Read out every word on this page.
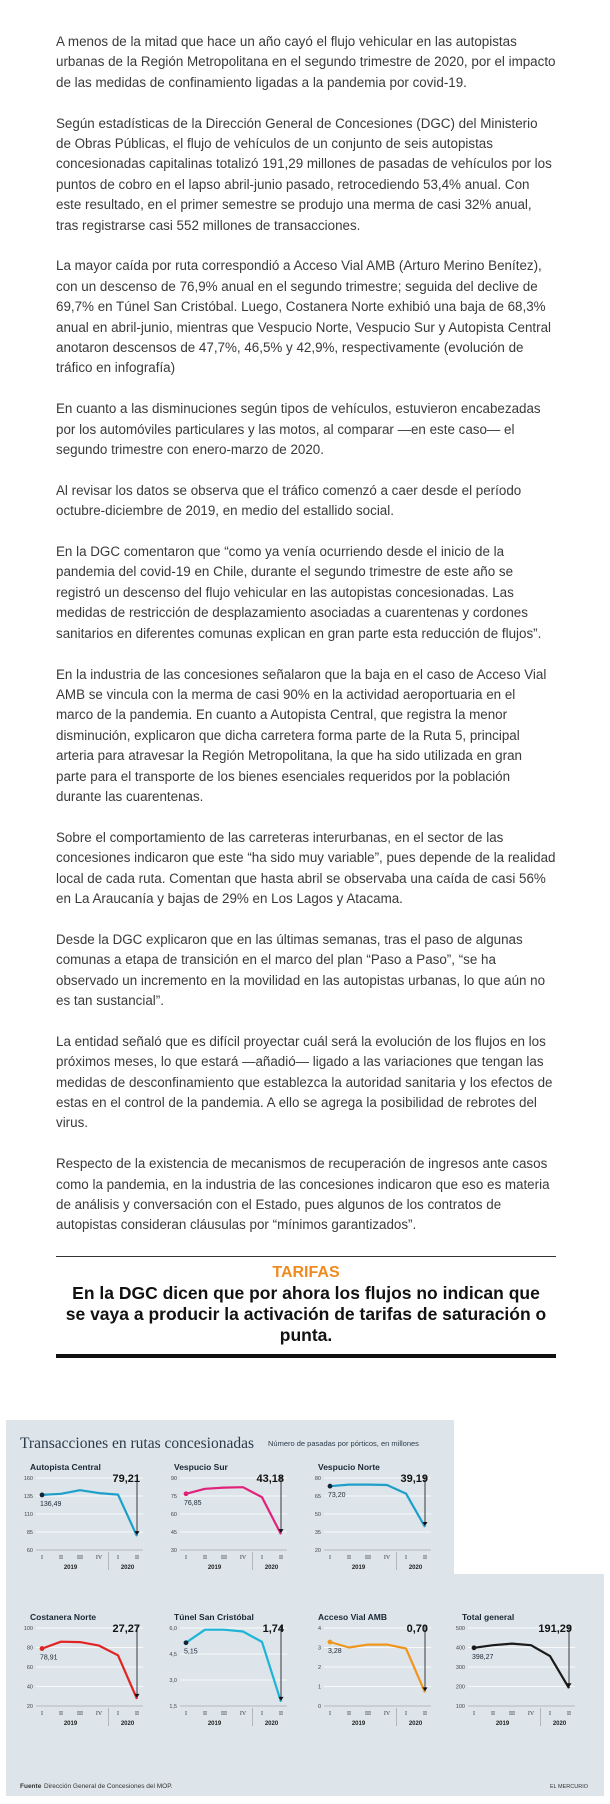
A menos de la mitad que hace un año cayó el flujo vehicular en las autopistas urbanas de la Región Metropolitana en el segundo trimestre de 2020, por el impacto de las medidas de confinamiento ligadas a la pandemia por covid-19.

Según estadísticas de la Dirección General de Concesiones (DGC) del Ministerio de Obras Públicas, el flujo de vehículos de un conjunto de seis autopistas concesionadas capitalinas totalizó 191,29 millones de pasadas de vehículos por los puntos de cobro en el lapso abril-junio pasado, retrocediendo 53,4% anual. Con este resultado, en el primer semestre se produjo una merma de casi 32% anual, tras registrarse casi 552 millones de transacciones.

La mayor caída por ruta correspondió a Acceso Vial AMB (Arturo Merino Benítez), con un descenso de 76,9% anual en el segundo trimestre; seguida del declive de 69,7% en Túnel San Cristóbal. Luego, Costanera Norte exhibió una baja de 68,3% anual en abril-junio, mientras que Vespucio Norte, Vespucio Sur y Autopista Central anotaron descensos de 47,7%, 46,5% y 42,9%, respectivamente (evolución de tráfico en infografía)

En cuanto a las disminuciones según tipos de vehículos, estuvieron encabezadas por los automóviles particulares y las motos, al comparar —en este caso— el segundo trimestre con enero-marzo de 2020.

Al revisar los datos se observa que el tráfico comenzó a caer desde el período octubre-diciembre de 2019, en medio del estallido social.

En la DGC comentaron que “como ya venía ocurriendo desde el inicio de la pandemia del covid-19 en Chile, durante el segundo trimestre de este año se registró un descenso del flujo vehicular en las autopistas concesionadas. Las medidas de restricción de desplazamiento asociadas a cuarentenas y cordones sanitarios en diferentes comunas explican en gran parte esta reducción de flujos”.

En la industria de las concesiones señalaron que la baja en el caso de Acceso Vial AMB se vincula con la merma de casi 90% en la actividad aeroportuaria en el marco de la pandemia. En cuanto a Autopista Central, que registra la menor disminución, explicaron que dicha carretera forma parte de la Ruta 5, principal arteria para atravesar la Región Metropolitana, la que ha sido utilizada en gran parte para el transporte de los bienes esenciales requeridos por la población durante las cuarentenas.

Sobre el comportamiento de las carreteras interurbanas, en el sector de las concesiones indicaron que este “ha sido muy variable”, pues depende de la realidad local de cada ruta. Comentan que hasta abril se observaba una caída de casi 56% en La Araucanía y bajas de 29% en Los Lagos y Atacama.

Desde la DGC explicaron que en las últimas semanas, tras el paso de algunas comunas a etapa de transición en el marco del plan “Paso a Paso”, “se ha observado un incremento en la movilidad en las autopistas urbanas, lo que aún no es tan sustancial”.

La entidad señaló que es difícil proyectar cuál será la evolución de los flujos en los próximos meses, lo que estará —añadió— ligado a las variaciones que tengan las medidas de desconfinamiento que establezca la autoridad sanitaria y los efectos de estas en el control de la pandemia. A ello se agrega la posibilidad de rebrotes del virus.

Respecto de la existencia de mecanismos de recuperación de ingresos ante casos como la pandemia, en la industria de las concesiones indicaron que eso es materia de análisis y conversación con el Estado, pues algunos de los contratos de autopistas consideran cláusulas por “mínimos garantizados”.

TARIFAS
En la DGC dicen que por ahora los flujos no indican que se vaya a producir la activación de tarifas de saturación o punta.
Transacciones en rutas concesionadas Número de pasadas por pórticos, en millones
Autopista Central
60
85
110
135
160
I	II III IV I	II
2019	2020
136,49
79,21
Vespucio Sur
30
45
60
75
90
I	II III IV I	II
2019	2020
76,85
43,18
Vespucio Norte
20
35
50
65
80
I	II III IV I	II
2019	2020
73,20
39,19
Costanera Norte
20
40
60
80
100
I	II III IV I	II
2019	2020
78,91
27,27
Túnel San Cristóbal
1,5
3,0
4,5
6,0
I	II III IV I	II
2019	2020
5,15
1,74
Acceso Vial AMB
0
1
2
3
4
I	II III IV I	II
2019	2020
3,28
0,70
Total general
100
200
300
400
500
I	II III IV I	II
2019	2020
398,27
191,29
Fuente Dirección General de Concesiones del MOP.	EL MERCURIO
